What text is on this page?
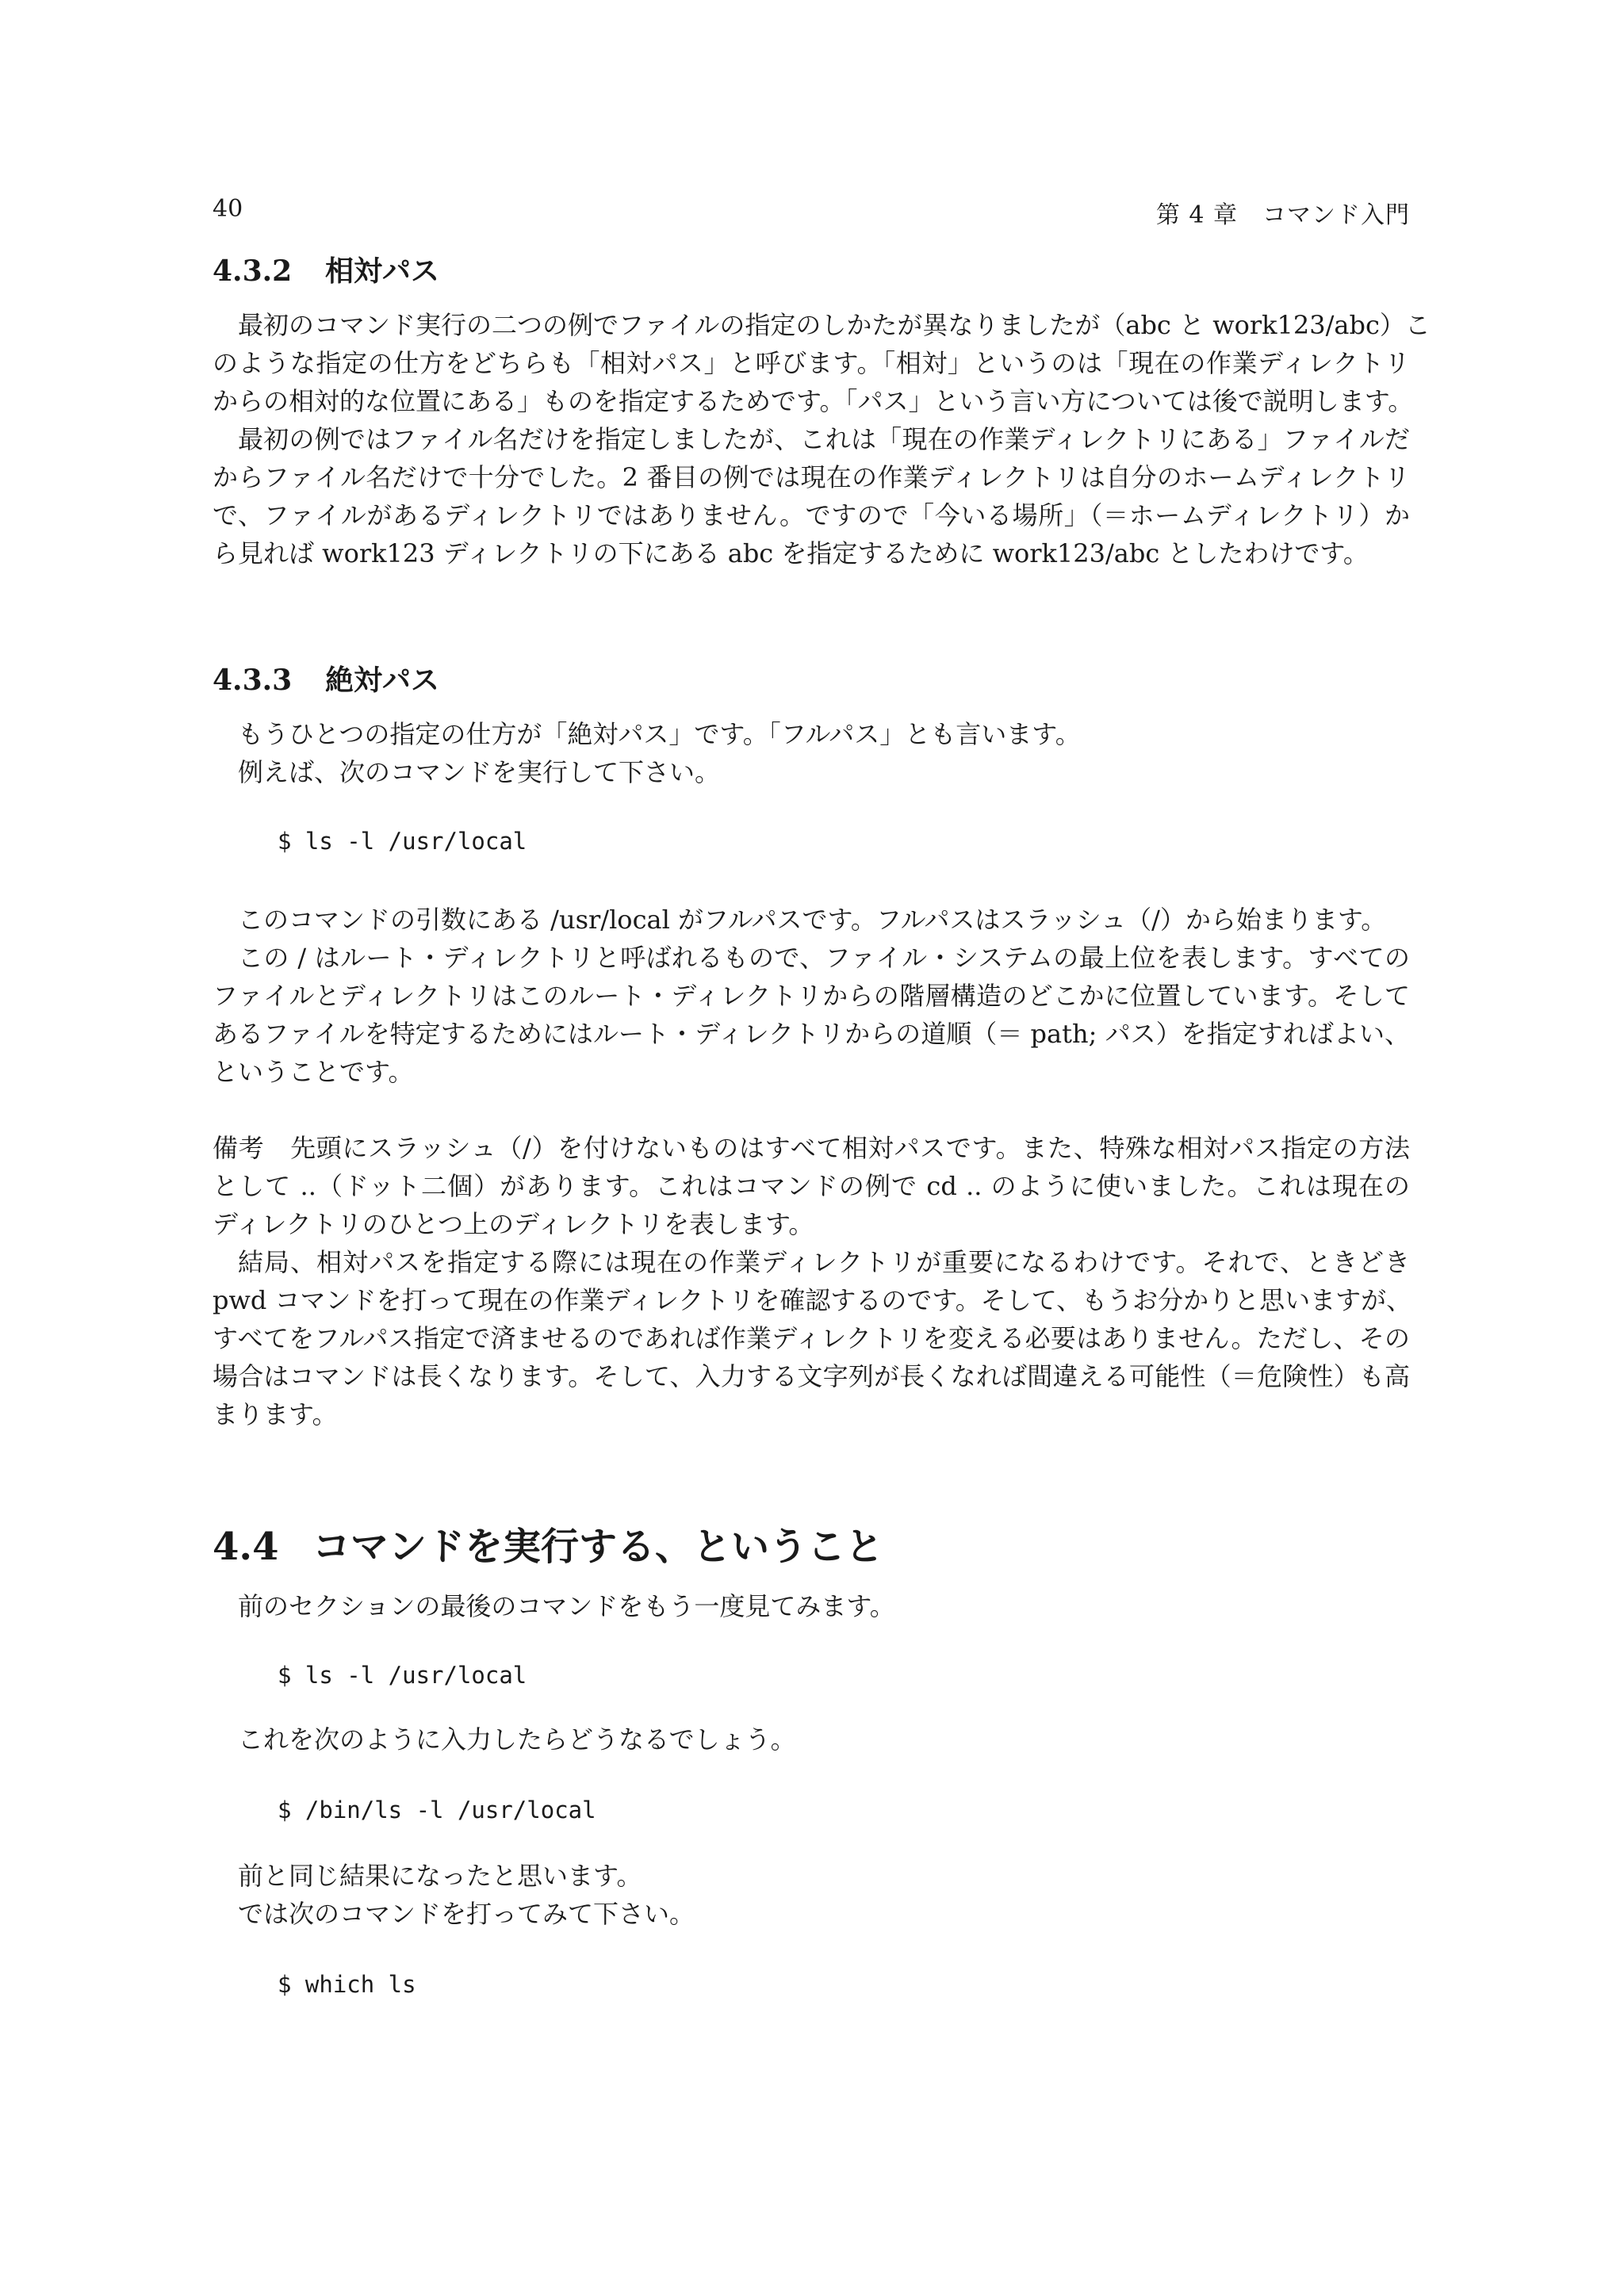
40	第 4 章　コマンド入門
4.3.2 相対パス
最初のコマンド実行の二つの例でファイルの指定のしかたが異なりましたが（abc と work123/abc）こ
のような指定の仕方をどちらも「相対パス」と呼びます。「相対」というのは「現在の作業ディレクトリ
からの相対的な位置にある」ものを指定するためです。「パス」という言い方については後で説明します。
最初の例ではファイル名だけを指定しましたが、これは「現在の作業ディレクトリにある」ファイルだ
からファイル名だけで十分でした。2 番目の例では現在の作業ディレクトリは自分のホームディレクトリ
で、ファイルがあるディレクトリではありません。ですので「今いる場所」（＝ホームディレクトリ）か
ら見れば work123 ディレクトリの下にある abc を指定するために work123/abc としたわけです。
4.3.3 絶対パス
もうひとつの指定の仕方が「絶対パス」です。「フルパス」とも言います。
例えば、次のコマンドを実行して下さい。
$ ls -l /usr/local
このコマンドの引数にある /usr/local がフルパスです。フルパスはスラッシュ（/）から始まります。
この / はルート・ディレクトリと呼ばれるもので、ファイル・システムの最上位を表します。すべての
ファイルとディレクトリはこのルート・ディレクトリからの階層構造のどこかに位置しています。そして
あるファイルを特定するためにはルート・ディレクトリからの道順（＝ path; パス）を指定すればよい、
ということです。
備考　先頭にスラッシュ（/）を付けないものはすべて相対パスです。また、特殊な相対パス指定の方法
として ..（ドット二個）があります。これはコマンドの例で cd .. のように使いました。これは現在の
ディレクトリのひとつ上のディレクトリを表します。
結局、相対パスを指定する際には現在の作業ディレクトリが重要になるわけです。それで、ときどき
pwd コマンドを打って現在の作業ディレクトリを確認するのです。そして、もうお分かりと思いますが、
すべてをフルパス指定で済ませるのであれば作業ディレクトリを変える必要はありません。ただし、その
場合はコマンドは長くなります。そして、入力する文字列が長くなれば間違える可能性（＝危険性）も高
まります。
4.4 コマンドを実行する、ということ
前のセクションの最後のコマンドをもう一度見てみます。
$ ls -l /usr/local
これを次のように入力したらどうなるでしょう。
$ /bin/ls -l /usr/local
前と同じ結果になったと思います。
では次のコマンドを打ってみて下さい。
$ which ls
